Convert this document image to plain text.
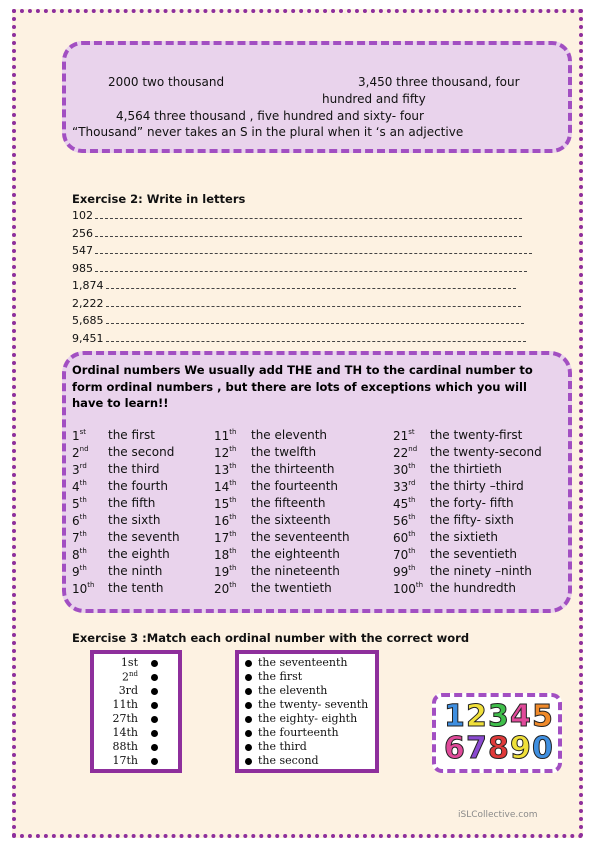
2000 two thousand	3,450 three thousand, four
hundred and fifty
4,564 three thousand , five hundred and sixty- four
“Thousand” never takes an S in the plural when it ‘s an adjective
Exercise 2: Write in letters
102
256
547
985
1,874
2,222
5,685
9,451
Ordinal numbers We usually add THE and TH to the cardinal number to form ordinal numbers , but there are lots of exceptions which you will have to learn!!
1st the first
2nd the second
3rd the third
4th the fourth
5th the fifth
6th the sixth
7th the seventh
8th the eighth
9th the ninth
10th the tenth
11th the eleventh
12th the twelfth
13th the thirteenth
14th the fourteenth
15th the fifteenth
16th the sixteenth
17th the seventeenth
18th the eighteenth
19th the nineteenth
20th the twentieth
21st the twenty-first
22nd the twenty-second
30th the thirtieth
33rd the thirty –third
45th the forty- fifth
56th the fifty- sixth
60th the sixtieth
70th the seventieth
99th the ninety –ninth
100th the hundredth
Exercise 3 :Match each ordinal number with the correct word
1st
2nd
3rd
11th
27th
14th
88th
17th
the seventeenth
the first
the eleventh
the twenty- seventh
the eighty- eighth
the fourteenth
the third
the second
1 2 3 4 5
6 7 8 9 0
iSLCollective.com
